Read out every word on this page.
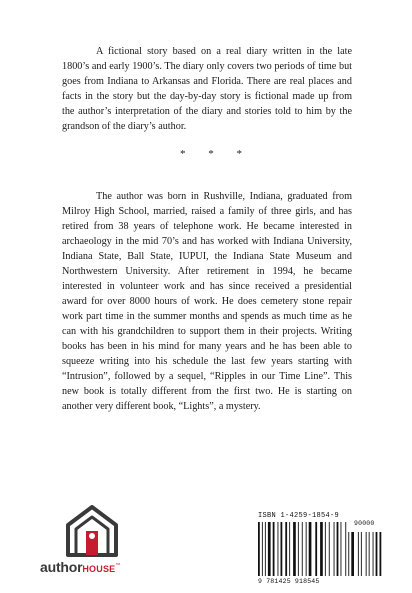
A fictional story based on a real diary written in the late 1800’s and early 1900’s. The diary only covers two periods of time but goes from Indiana to Arkansas and Florida. There are real places and facts in the story but the day-by-day story is fictional made up from the author’s interpretation of the diary and stories told to him by the grandson of the diary’s author.

* * *

The author was born in Rushville, Indiana, graduated from Milroy High School, married, raised a family of three girls, and has retired from 38 years of telephone work. He became interested in archaeology in the mid 70’s and has worked with Indiana University, Indiana State, Ball State, IUPUI, the Indiana State Museum and Northwestern University. After retirement in 1994, he became interested in volunteer work and has since received a presidential award for over 8000 hours of work. He does cemetery stone repair work part time in the summer months and spends as much time as he can with his grandchildren to support them in their projects. Writing books has been in his mind for many years and he has been able to squeeze writing into his schedule the last few years starting with “Intrusion”, followed by a sequel, “Ripples in our Time Line”. This new book is totally different from the first two. He is starting on another very different book, “Lights”, a mystery.

authorHOUSE™
ISBN 1-4259-1854-9
9 781425 918545
90000
